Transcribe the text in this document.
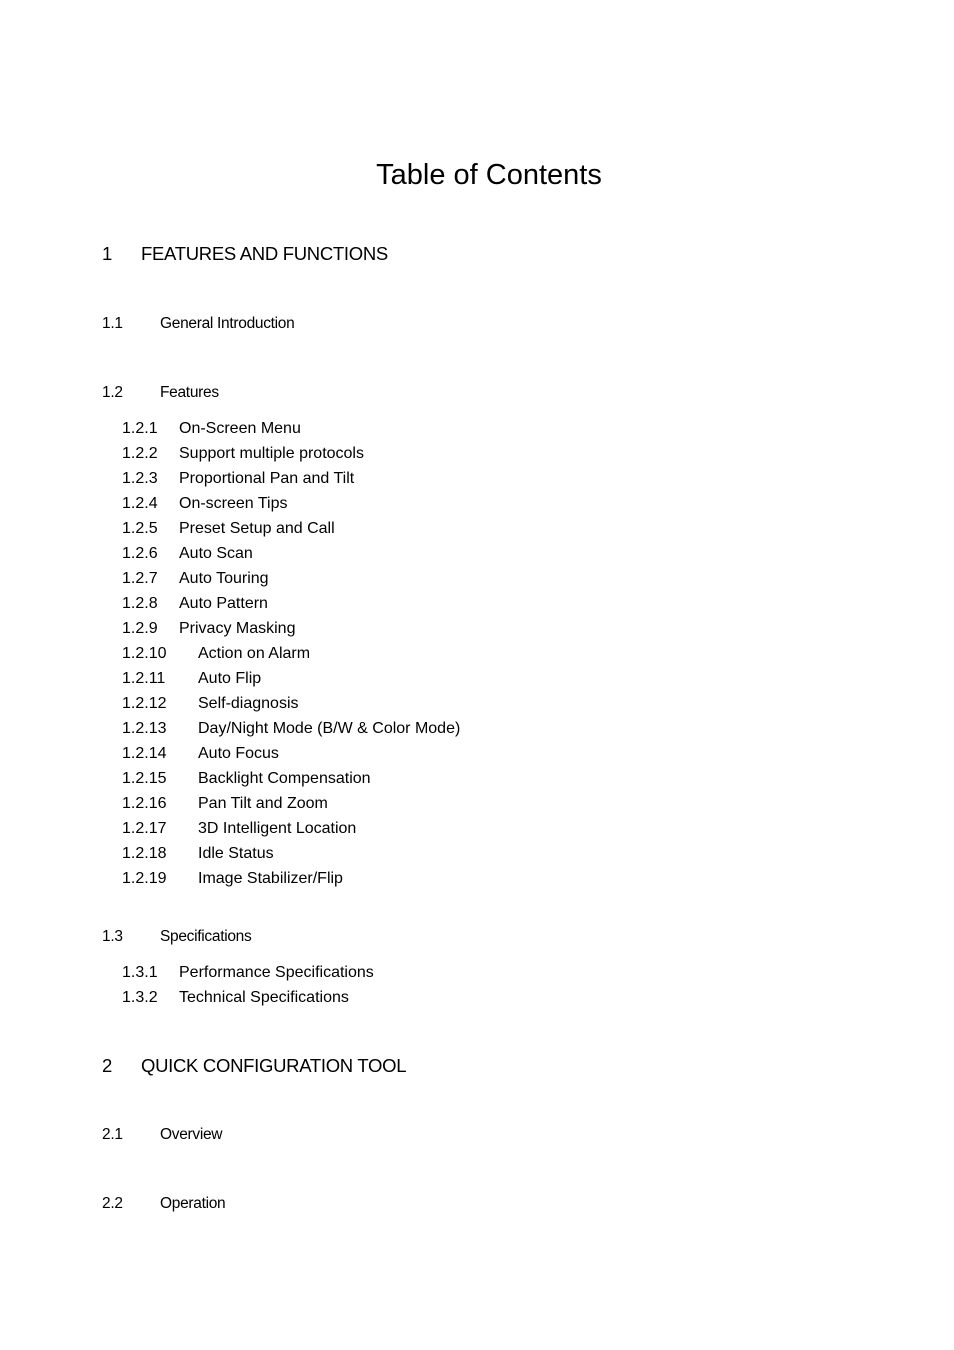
Table of Contents
1 FEATURES AND FUNCTIONS
1.1 General Introduction
1.2 Features
1.2.1 On-Screen Menu
1.2.2 Support multiple protocols
1.2.3 Proportional Pan and Tilt
1.2.4 On-screen Tips
1.2.5 Preset Setup and Call
1.2.6 Auto Scan
1.2.7 Auto Touring
1.2.8 Auto Pattern
1.2.9 Privacy Masking
1.2.10 Action on Alarm
1.2.11 Auto Flip
1.2.12 Self-diagnosis
1.2.13 Day/Night Mode (B/W & Color Mode)
1.2.14 Auto Focus
1.2.15 Backlight Compensation
1.2.16 Pan Tilt and Zoom
1.2.17 3D Intelligent Location
1.2.18 Idle Status
1.2.19 Image Stabilizer/Flip
1.3 Specifications
1.3.1 Performance Specifications
1.3.2 Technical Specifications
2 QUICK CONFIGURATION TOOL
2.1 Overview
2.2 Operation
